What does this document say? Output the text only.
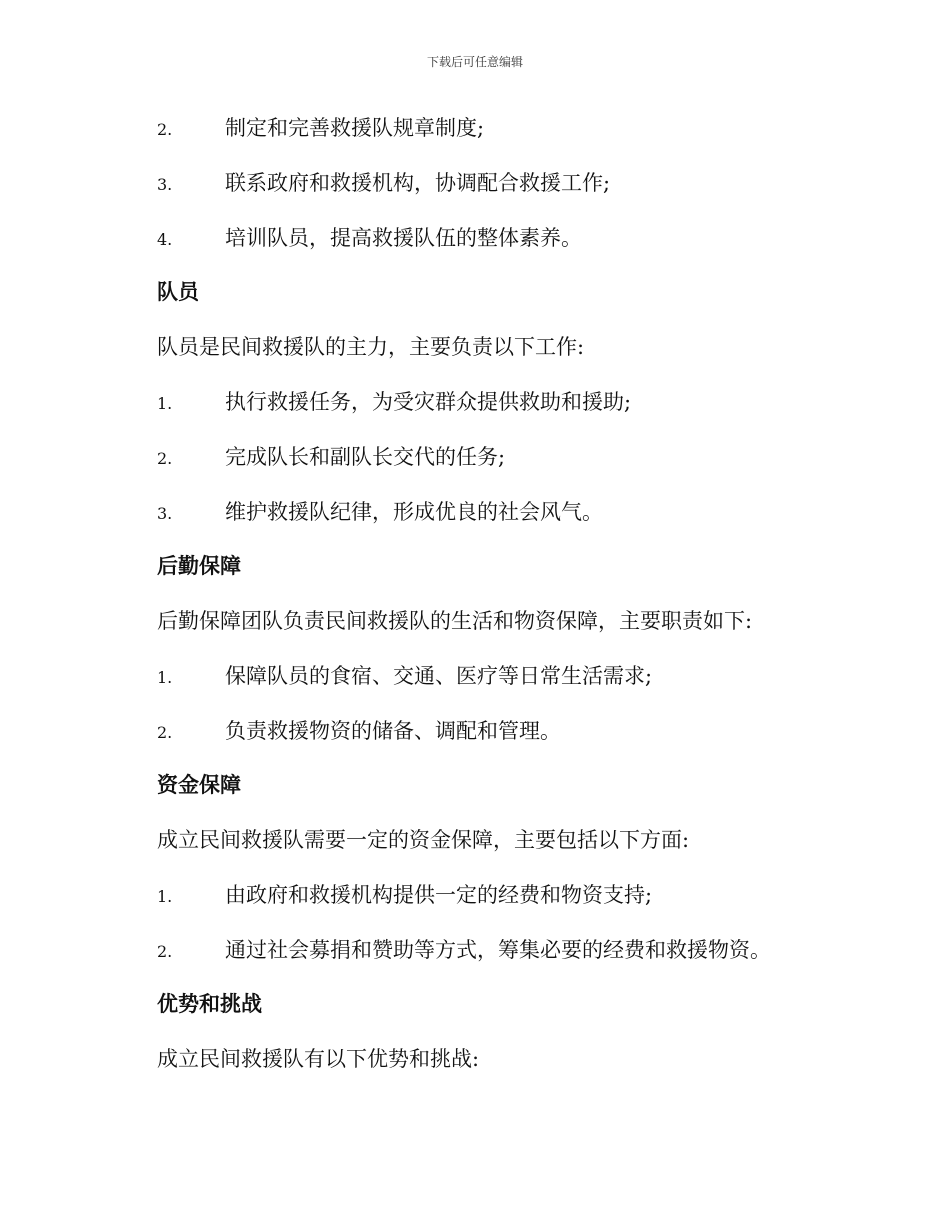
下载后可任意编辑
2.	制定和完善救援队规章制度;
3.	联系政府和救援机构，协调配合救援工作;
4.	培训队员，提高救援队伍的整体素养。
队员
队员是民间救援队的主力，主要负责以下工作:
1.	执行救援任务，为受灾群众提供救助和援助;
2.	完成队长和副队长交代的任务;
3.	维护救援队纪律，形成优良的社会风气。
后勤保障
后勤保障团队负责民间救援队的生活和物资保障，主要职责如下:
1.	保障队员的食宿、交通、医疗等日常生活需求;
2.	负责救援物资的储备、调配和管理。
资金保障
成立民间救援队需要一定的资金保障，主要包括以下方面:
1.	由政府和救援机构提供一定的经费和物资支持;
2.	通过社会募捐和赞助等方式，筹集必要的经费和救援物资。
优势和挑战
成立民间救援队有以下优势和挑战:
